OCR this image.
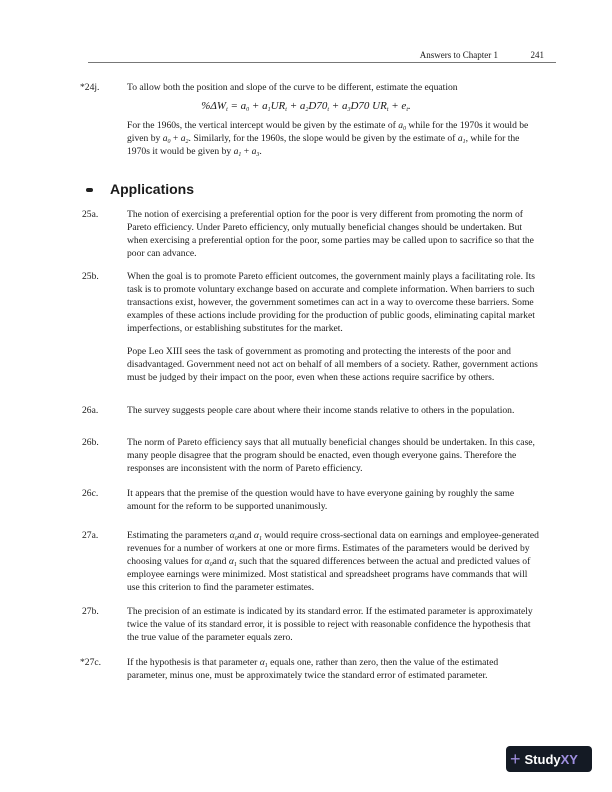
Answers to Chapter 1	241
$\%\Delta W_t = a_0 + a_1UR_t + a_2D70_t + a_3D70$ $UR_t + e_t$.
Applications
*24j.	To allow both the position and slope of the curve to be different, estimate the equation
For the 1960s, the vertical intercept would be given by the estimate of $a_0$ while for the 1970s it would be given by $a_0 + a_2$. Similarly, for the 1960s, the slope would be given by the estimate of $a_1$, while for the 1970s it would be given by $a_1 + a_3$.
25a.	The notion of exercising a preferential option for the poor is very different from promoting the norm of Pareto efficiency. Under Pareto efficiency, only mutually beneficial changes should be undertaken. But when exercising a preferential option for the poor, some parties may be called upon to sacrifice so that the poor can advance.
25b.	When the goal is to promote Pareto efficient outcomes, the government mainly plays a facilitating role. Its task is to promote voluntary exchange based on accurate and complete information. When barriers to such transactions exist, however, the government sometimes can act in a way to overcome these barriers. Some examples of these actions include providing for the production of public goods, eliminating capital market imperfections, or establishing substitutes for the market.
Pope Leo XIII sees the task of government as promoting and protecting the interests of the poor and disadvantaged. Government need not act on behalf of all members of a society. Rather, government actions must be judged by their impact on the poor, even when these actions require sacrifice by others.
26a.	The survey suggests people care about where their income stands relative to others in the population.
26b.	The norm of Pareto efficiency says that all mutually beneficial changes should be undertaken. In this case, many people disagree that the program should be enacted, even though everyone gains. Therefore the responses are inconsistent with the norm of Pareto efficiency.
26c.	It appears that the premise of the question would have to have everyone gaining by roughly the same amount for the reform to be supported unanimously.
27a.	Estimating the parameters $\alpha_0and$ $\alpha_1$ would require cross-sectional data on earnings and employee-generated revenues for a number of workers at one or more firms. Estimates of the parameters would be derived by choosing values for $\alpha_0and$ $\alpha_1$ such that the squared differences between the actual and predicted values of employee earnings were minimized. Most statistical and spreadsheet programs have commands that will use this criterion to find the parameter estimates.
27b.	The precision of an estimate is indicated by its standard error. If the estimated parameter is approximately twice the value of its standard error, it is possible to reject with reasonable confidence the hypothesis that the true value of the parameter equals zero.
*27c.	If the hypothesis is that parameter $\alpha_1$ equals one, rather than zero, then the value of the estimated parameter, minus one, must be approximately twice the standard error of estimated parameter.
+ Study XY
